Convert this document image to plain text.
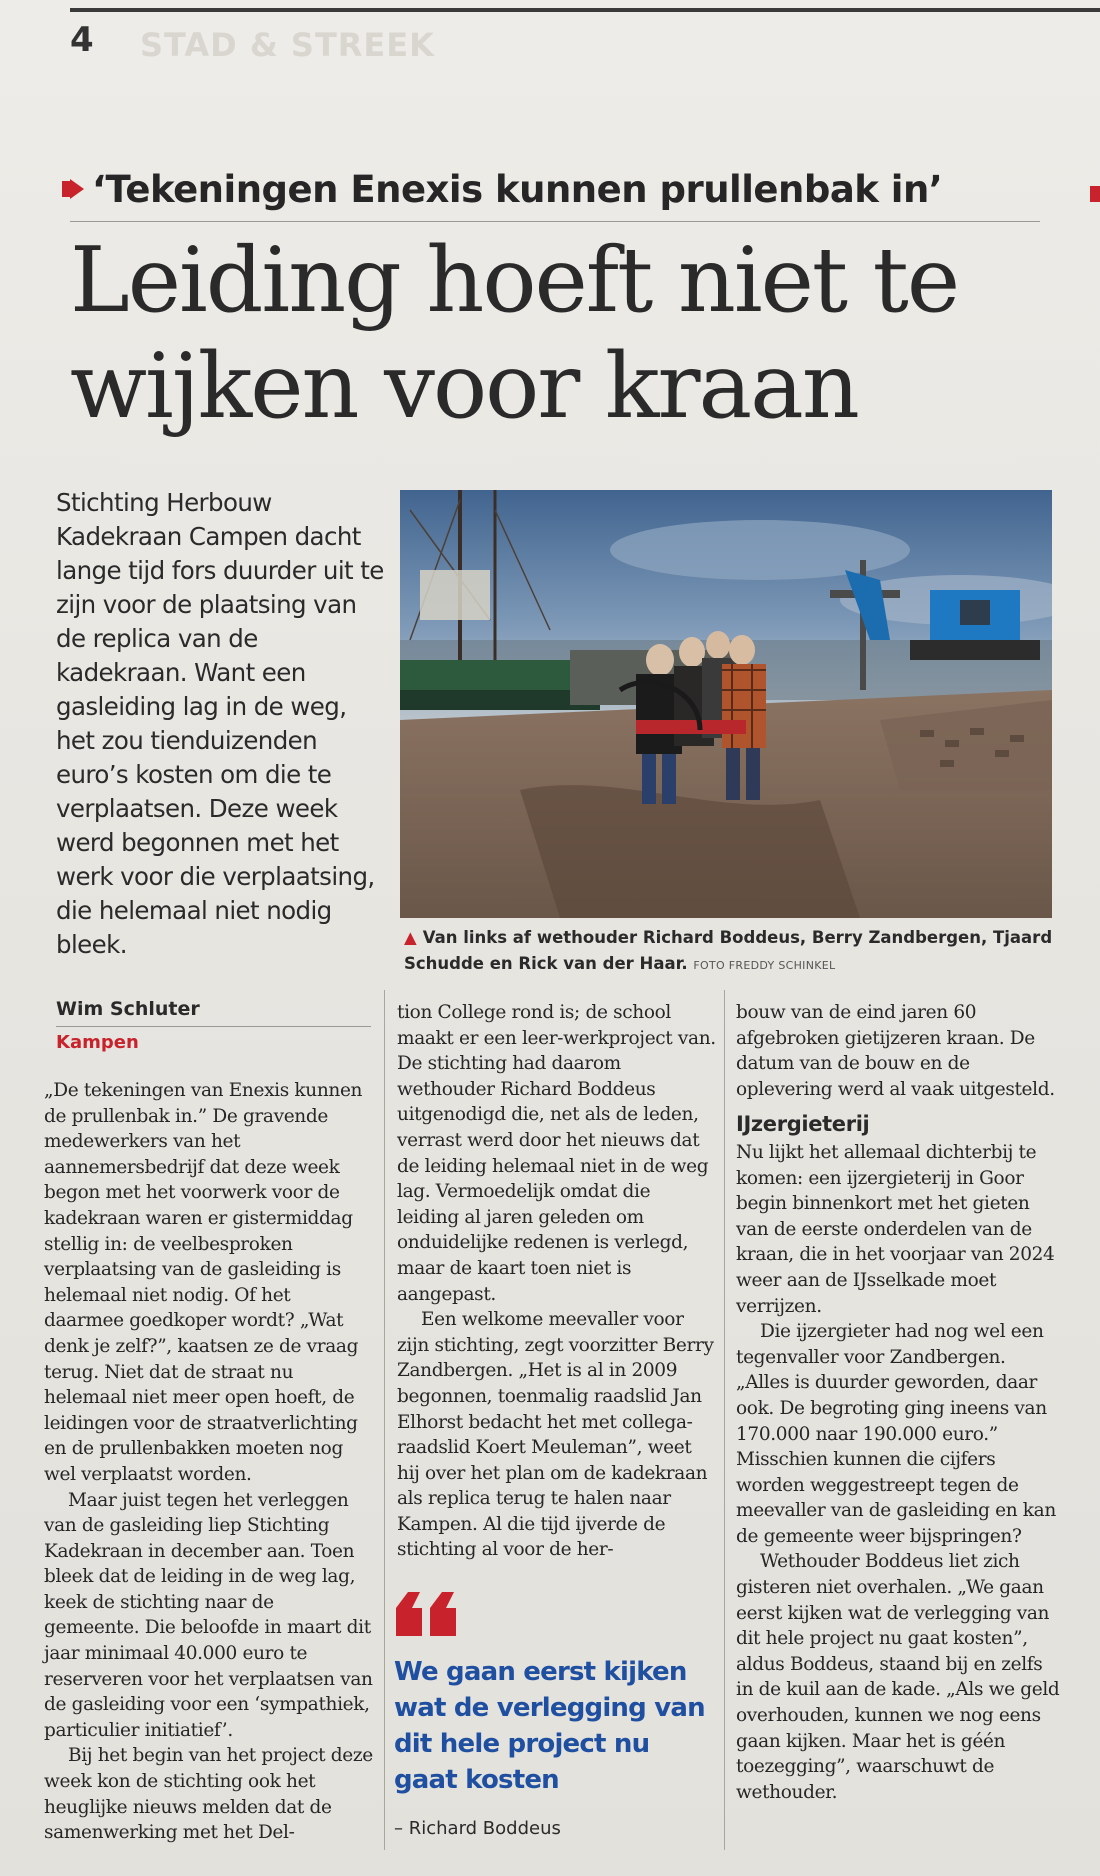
4 STAD & STREEK
‘Tekeningen Enexis kunnen prullenbak in’
Leiding hoeft niet te
wijken voor kraan
Stichting Herbouw Kadekraan Campen dacht lange tijd fors duurder uit te zijn voor de plaatsing van de replica van de kadekraan. Want een gasleiding lag in de weg, het zou tienduizenden euro’s kosten om die te verplaatsen. Deze week werd begonnen met het werk voor die verplaatsing, die helemaal niet nodig bleek.	▲ Van links af wethouder Richard Boddeus, Berry Zandbergen, Tjaard Schudde en Rick van der Haar. FOTO FREDDY SCHINKEL
Wim Schluter
Kampen

„De tekeningen van Enexis kunnen de prullenbak in.” De gravende medewerkers van het aannemersbedrijf dat deze week begon met het voorwerk voor de kadekraan waren er gistermiddag stellig in: de veelbesproken verplaatsing van de gasleiding is helemaal niet nodig. Of het daarmee goedkoper wordt? „Wat denk je zelf?”, kaatsen ze de vraag terug. Niet dat de straat nu helemaal niet meer open hoeft, de leidingen voor de straatverlichting en de prullenbakken moeten nog wel verplaatst worden.

Maar juist tegen het verleggen van de gasleiding liep Stichting Kadekraan in december aan. Toen bleek dat de leiding in de weg lag, keek de stichting naar de gemeente. Die beloofde in maart dit jaar minimaal 40.000 euro te reserveren voor het verplaatsen van de gasleiding voor een ‘sympathiek, particulier initiatief’.

Bij het begin van het project deze week kon de stichting ook het heuglijke nieuws melden dat de samenwerking met het Del-

tion College rond is; de school maakt er een leer-werkproject van. De stichting had daarom wethouder Richard Boddeus uitgenodigd die, net als de leden, verrast werd door het nieuws dat de leiding helemaal niet in de weg lag. Vermoedelijk omdat die leiding al jaren geleden om onduidelijke redenen is verlegd, maar de kaart toen niet is aangepast.

Een welkome meevaller voor zijn stichting, zegt voorzitter Berry Zandbergen. „Het is al in 2009 begonnen, toenmalig raadslid Jan Elhorst bedacht het met collega-raadslid Koert Meuleman”, weet hij over het plan om de kadekraan als replica terug te halen naar Kampen. Al die tijd ijverde de stichting al voor de her-

We gaan eerst kijken wat de verlegging van dit hele project nu gaat kosten
– Richard Boddeus

bouw van de eind jaren 60 afgebroken gietijzeren kraan. De datum van de bouw en de oplevering werd al vaak uitgesteld.

IJzergieterij

Nu lijkt het allemaal dichterbij te komen: een ijzergieterij in Goor begin binnenkort met het gieten van de eerste onderdelen van de kraan, die in het voorjaar van 2024 weer aan de IJsselkade moet verrijzen.

Die ijzergieter had nog wel een tegenvaller voor Zandbergen. „Alles is duurder geworden, daar ook. De begroting ging ineens van 170.000 naar 190.000 euro.” Misschien kunnen die cijfers worden weggestreept tegen de meevaller van de gasleiding en kan de gemeente weer bijspringen?

Wethouder Boddeus liet zich gisteren niet overhalen. „We gaan eerst kijken wat de verlegging van dit hele project nu gaat kosten”, aldus Boddeus, staand bij en zelfs in de kuil aan de kade. „Als we geld overhouden, kunnen we nog eens gaan kijken. Maar het is géén toezegging”, waarschuwt de wethouder.
